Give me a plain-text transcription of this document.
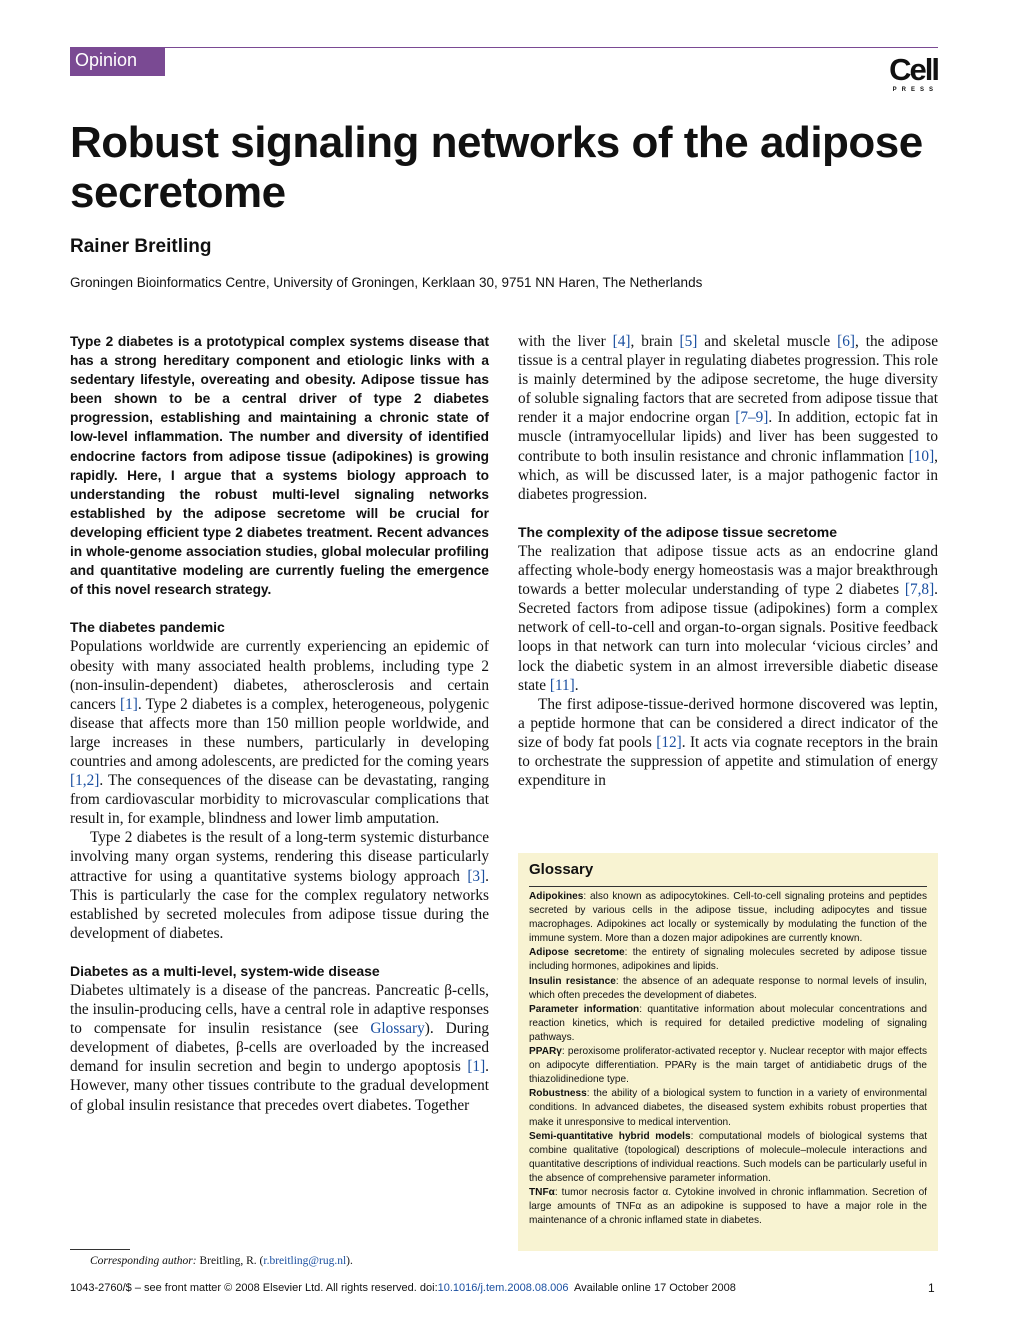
Opinion	Cell
PRESS
Robust signaling networks of the adipose secretome
Rainer Breitling
Groningen Bioinformatics Centre, University of Groningen, Kerklaan 30, 9751 NN Haren, The Netherlands

Type 2 diabetes is a prototypical complex systems disease that has a strong hereditary component and etiologic links with a sedentary lifestyle, overeating and obesity. Adipose tissue has been shown to be a central driver of type 2 diabetes progression, establishing and maintaining a chronic state of low-level inflammation. The number and diversity of identified endocrine factors from adipose tissue (adipokines) is growing rapidly. Here, I argue that a systems biology approach to understanding the robust multi-level signaling networks established by the adipose secretome will be crucial for developing efficient type 2 diabetes treatment. Recent advances in whole-genome association studies, global molecular profiling and quantitative modeling are currently fueling the emergence of this novel research strategy.

The diabetes pandemic

Populations worldwide are currently experiencing an epidemic of obesity with many associated health problems, including type 2 (non-insulin-dependent) diabetes, atherosclerosis and certain cancers [1]. Type 2 diabetes is a complex, heterogeneous, polygenic disease that affects more than 150 million people worldwide, and large increases in these numbers, particularly in developing countries and among adolescents, are predicted for the coming years [1,2]. The consequences of the disease can be devastating, ranging from cardiovascular morbidity to microvascular complications that result in, for example, blindness and lower limb amputation.

Type 2 diabetes is the result of a long-term systemic disturbance involving many organ systems, rendering this disease particularly attractive for using a quantitative systems biology approach [3]. This is particularly the case for the complex regulatory networks established by secreted molecules from adipose tissue during the development of diabetes.

Diabetes as a multi-level, system-wide disease

Diabetes ultimately is a disease of the pancreas. Pancreatic β-cells, the insulin-producing cells, have a central role in adaptive responses to compensate for insulin resistance (see Glossary). During development of diabetes, β-cells are overloaded by the increased demand for insulin secretion and begin to undergo apoptosis [1]. However, many other tissues contribute to the gradual development of global insulin resistance that precedes overt diabetes. Together

with the liver [4], brain [5] and skeletal muscle [6], the adipose tissue is a central player in regulating diabetes progression. This role is mainly determined by the adipose secretome, the huge diversity of soluble signaling factors that are secreted from adipose tissue that render it a major endocrine organ [7–9]. In addition, ectopic fat in muscle (intramyocellular lipids) and liver has been suggested to contribute to both insulin resistance and chronic inflammation [10], which, as will be discussed later, is a major pathogenic factor in diabetes progression.

The complexity of the adipose tissue secretome

The realization that adipose tissue acts as an endocrine gland affecting whole-body energy homeostasis was a major breakthrough towards a better molecular understanding of type 2 diabetes [7,8]. Secreted factors from adipose tissue (adipokines) form a complex network of cell-to-cell and organ-to-organ signals. Positive feedback loops in that network can turn into molecular ‘vicious circles’ and lock the diabetic system in an almost irreversible diabetic disease state [11].

The first adipose-tissue-derived hormone discovered was leptin, a peptide hormone that can be considered a direct indicator of the size of body fat pools [12]. It acts via cognate receptors in the brain to orchestrate the suppression of appetite and stimulation of energy expenditure in

Glossary

Adipokines: also known as adipocytokines. Cell-to-cell signaling proteins and peptides secreted by various cells in the adipose tissue, including adipocytes and tissue macrophages. Adipokines act locally or systemically by modulating the function of the immune system. More than a dozen major adipokines are currently known.

Adipose secretome: the entirety of signaling molecules secreted by adipose tissue including hormones, adipokines and lipids.

Insulin resistance: the absence of an adequate response to normal levels of insulin, which often precedes the development of diabetes.

Parameter information: quantitative information about molecular concentrations and reaction kinetics, which is required for detailed predictive modeling of signaling pathways.

PPARγ: peroxisome proliferator-activated receptor γ. Nuclear receptor with major effects on adipocyte differentiation. PPARγ is the main target of antidiabetic drugs of the thiazolidinedione type.

Robustness: the ability of a biological system to function in a variety of environmental conditions. In advanced diabetes, the diseased system exhibits robust properties that make it unresponsive to medical intervention.

Semi-quantitative hybrid models: computational models of biological systems that combine qualitative (topological) descriptions of molecule–molecule interactions and quantitative descriptions of individual reactions. Such models can be particularly useful in the absence of comprehensive parameter information.

TNFα: tumor necrosis factor α. Cytokine involved in chronic inflammation. Secretion of large amounts of TNFα as an adipokine is supposed to have a major role in the maintenance of a chronic inflamed state in diabetes.

Corresponding author: Breitling, R. (r.breitling@rug.nl).
1043-2760/$ – see front matter © 2008 Elsevier Ltd. All rights reserved. doi:10.1016/j.tem.2008.08.006  Available online 17 October 2008	1
